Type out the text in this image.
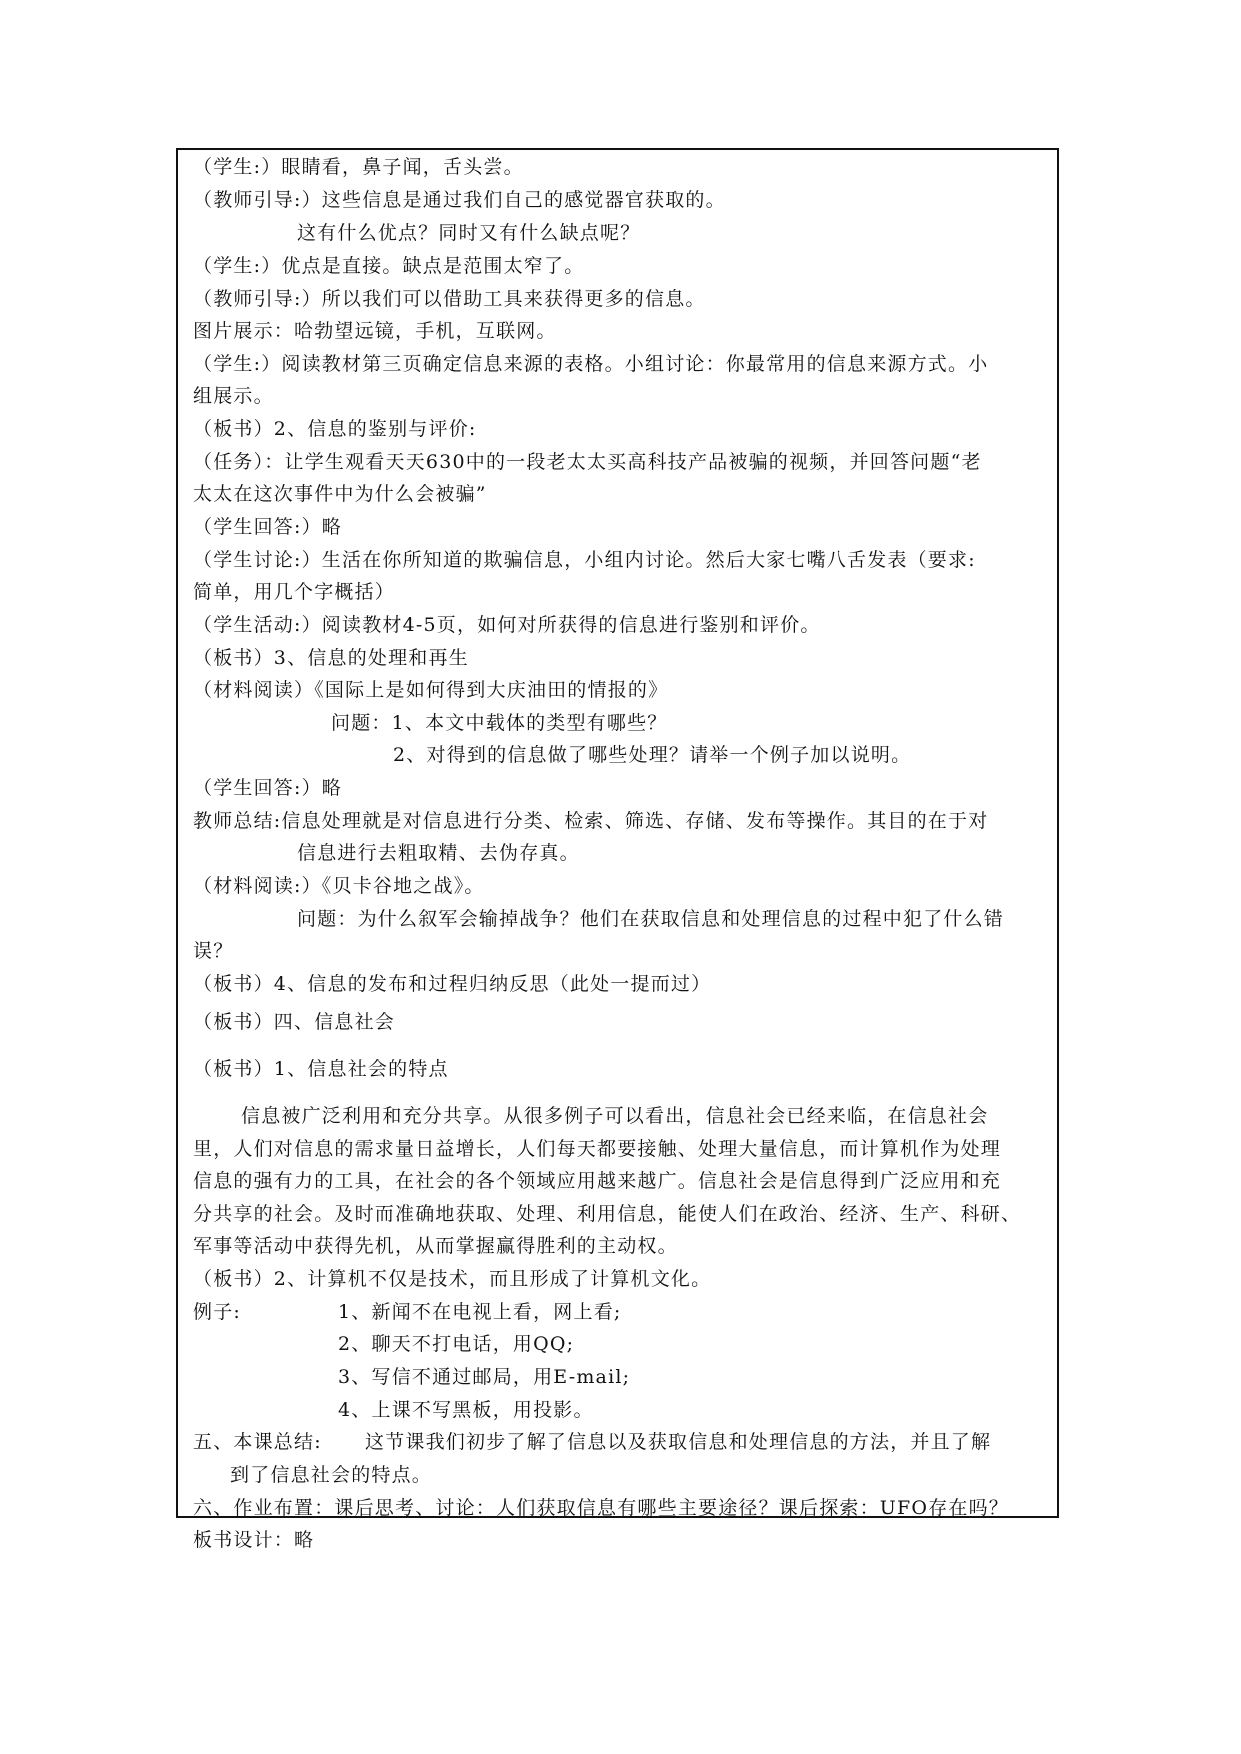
（学生:）眼睛看，鼻子闻，舌头尝。
（教师引导:）这些信息是通过我们自己的感觉器官获取的。
这有什么优点？同时又有什么缺点呢？
（学生:）优点是直接。缺点是范围太窄了。
（教师引导:）所以我们可以借助工具来获得更多的信息。
图片展示：哈勃望远镜，手机，互联网。
（学生:）阅读教材第三页确定信息来源的表格。小组讨论：你最常用的信息来源方式。小
组展示。
（板书）2、信息的鉴别与评价:
（任务）：让学生观看天天630中的一段老太太买高科技产品被骗的视频，并回答问题“老
太太在这次事件中为什么会被骗”
（学生回答:）略
（学生讨论:）生活在你所知道的欺骗信息，小组内讨论。然后大家七嘴八舌发表（要求:
简单，用几个字概括）
（学生活动:）阅读教材4-5页，如何对所获得的信息进行鉴别和评价。
（板书）3、信息的处理和再生
（材料阅读）《国际上是如何得到大庆油田的情报的》
问题：1、本文中载体的类型有哪些？
2、对得到的信息做了哪些处理？请举一个例子加以说明。
（学生回答:）略
教师总结:信息处理就是对信息进行分类、检索、筛选、存储、发布等操作。其目的在于对
信息进行去粗取精、去伪存真。
（材料阅读:）《贝卡谷地之战》。
问题：为什么叙军会输掉战争？他们在获取信息和处理信息的过程中犯了什么错
误？
（板书）4、信息的发布和过程归纳反思（此处一提而过）
（板书）四、信息社会
（板书）1、信息社会的特点
信息被广泛利用和充分共享。从很多例子可以看出，信息社会已经来临，在信息社会
里，人们对信息的需求量日益增长，人们每天都要接触、处理大量信息，而计算机作为处理
信息的强有力的工具，在社会的各个领域应用越来越广。信息社会是信息得到广泛应用和充
分共享的社会。及时而准确地获取、处理、利用信息，能使人们在政治、经济、生产、科研、
军事等活动中获得先机，从而掌握赢得胜利的主动权。
（板书）2、计算机不仅是技术，而且形成了计算机文化。
例子:	1、新闻不在电视上看，网上看;
2、聊天不打电话，用QQ;
3、写信不通过邮局，用E-mail;
4、上课不写黑板，用投影。
五、本课总结: 这节课我们初步了解了信息以及获取信息和处理信息的方法，并且了解
到了信息社会的特点。
六、作业布置：课后思考、讨论：人们获取信息有哪些主要途径？课后探索：UFO存在吗？
板书设计：略
